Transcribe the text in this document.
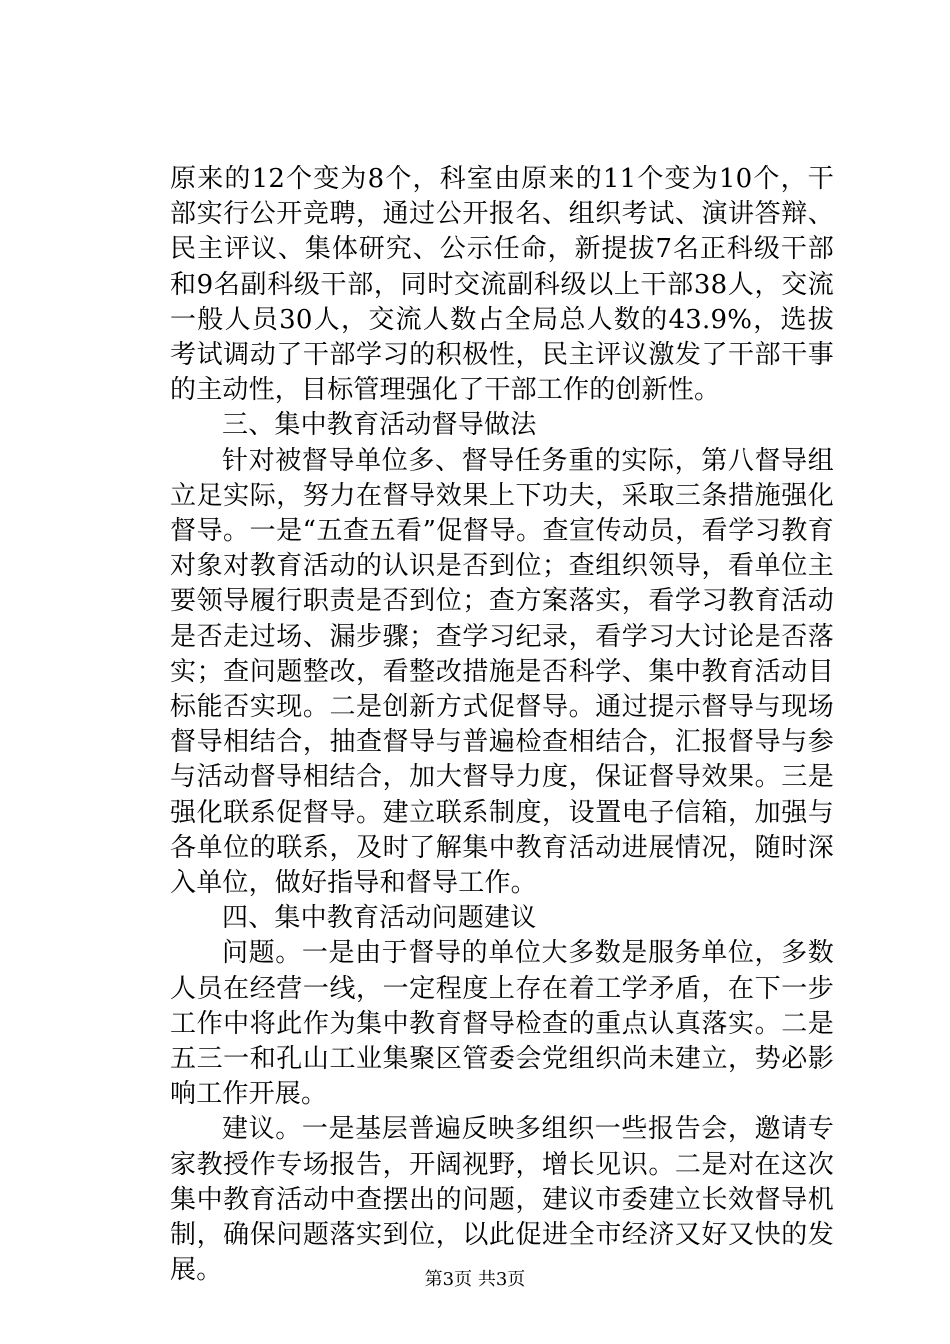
原来的12个变为8个，科室由原来的11个变为10个，干部实行公开竞聘，通过公开报名、组织考试、演讲答辩、民主评议、集体研究、公示任命，新提拔7名正科级干部和9名副科级干部，同时交流副科级以上干部38人，交流一般人员30人，交流人数占全局总人数的43.9%，选拔考试调动了干部学习的积极性，民主评议激发了干部干事的主动性，目标管理强化了干部工作的创新性。

三、集中教育活动督导做法

针对被督导单位多、督导任务重的实际，第八督导组立足实际，努力在督导效果上下功夫，采取三条措施强化督导。一是“五查五看”促督导。查宣传动员，看学习教育对象对教育活动的认识是否到位；查组织领导，看单位主要领导履行职责是否到位；查方案落实，看学习教育活动是否走过场、漏步骤；查学习纪录，看学习大讨论是否落实；查问题整改，看整改措施是否科学、集中教育活动目标能否实现。二是创新方式促督导。通过提示督导与现场督导相结合，抽查督导与普遍检查相结合，汇报督导与参与活动督导相结合，加大督导力度，保证督导效果。三是强化联系促督导。建立联系制度，设置电子信箱，加强与各单位的联系，及时了解集中教育活动进展情况，随时深入单位，做好指导和督导工作。

四、集中教育活动问题建议

问题。一是由于督导的单位大多数是服务单位，多数人员在经营一线，一定程度上存在着工学矛盾，在下一步工作中将此作为集中教育督导检查的重点认真落实。二是五三一和孔山工业集聚区管委会党组织尚未建立，势必影响工作开展。

建议。一是基层普遍反映多组织一些报告会，邀请专家教授作专场报告，开阔视野，增长见识。二是对在这次集中教育活动中查摆出的问题，建议市委建立长效督导机制，确保问题落实到位，以此促进全市经济又好又快的发展。	第3页 共3页
